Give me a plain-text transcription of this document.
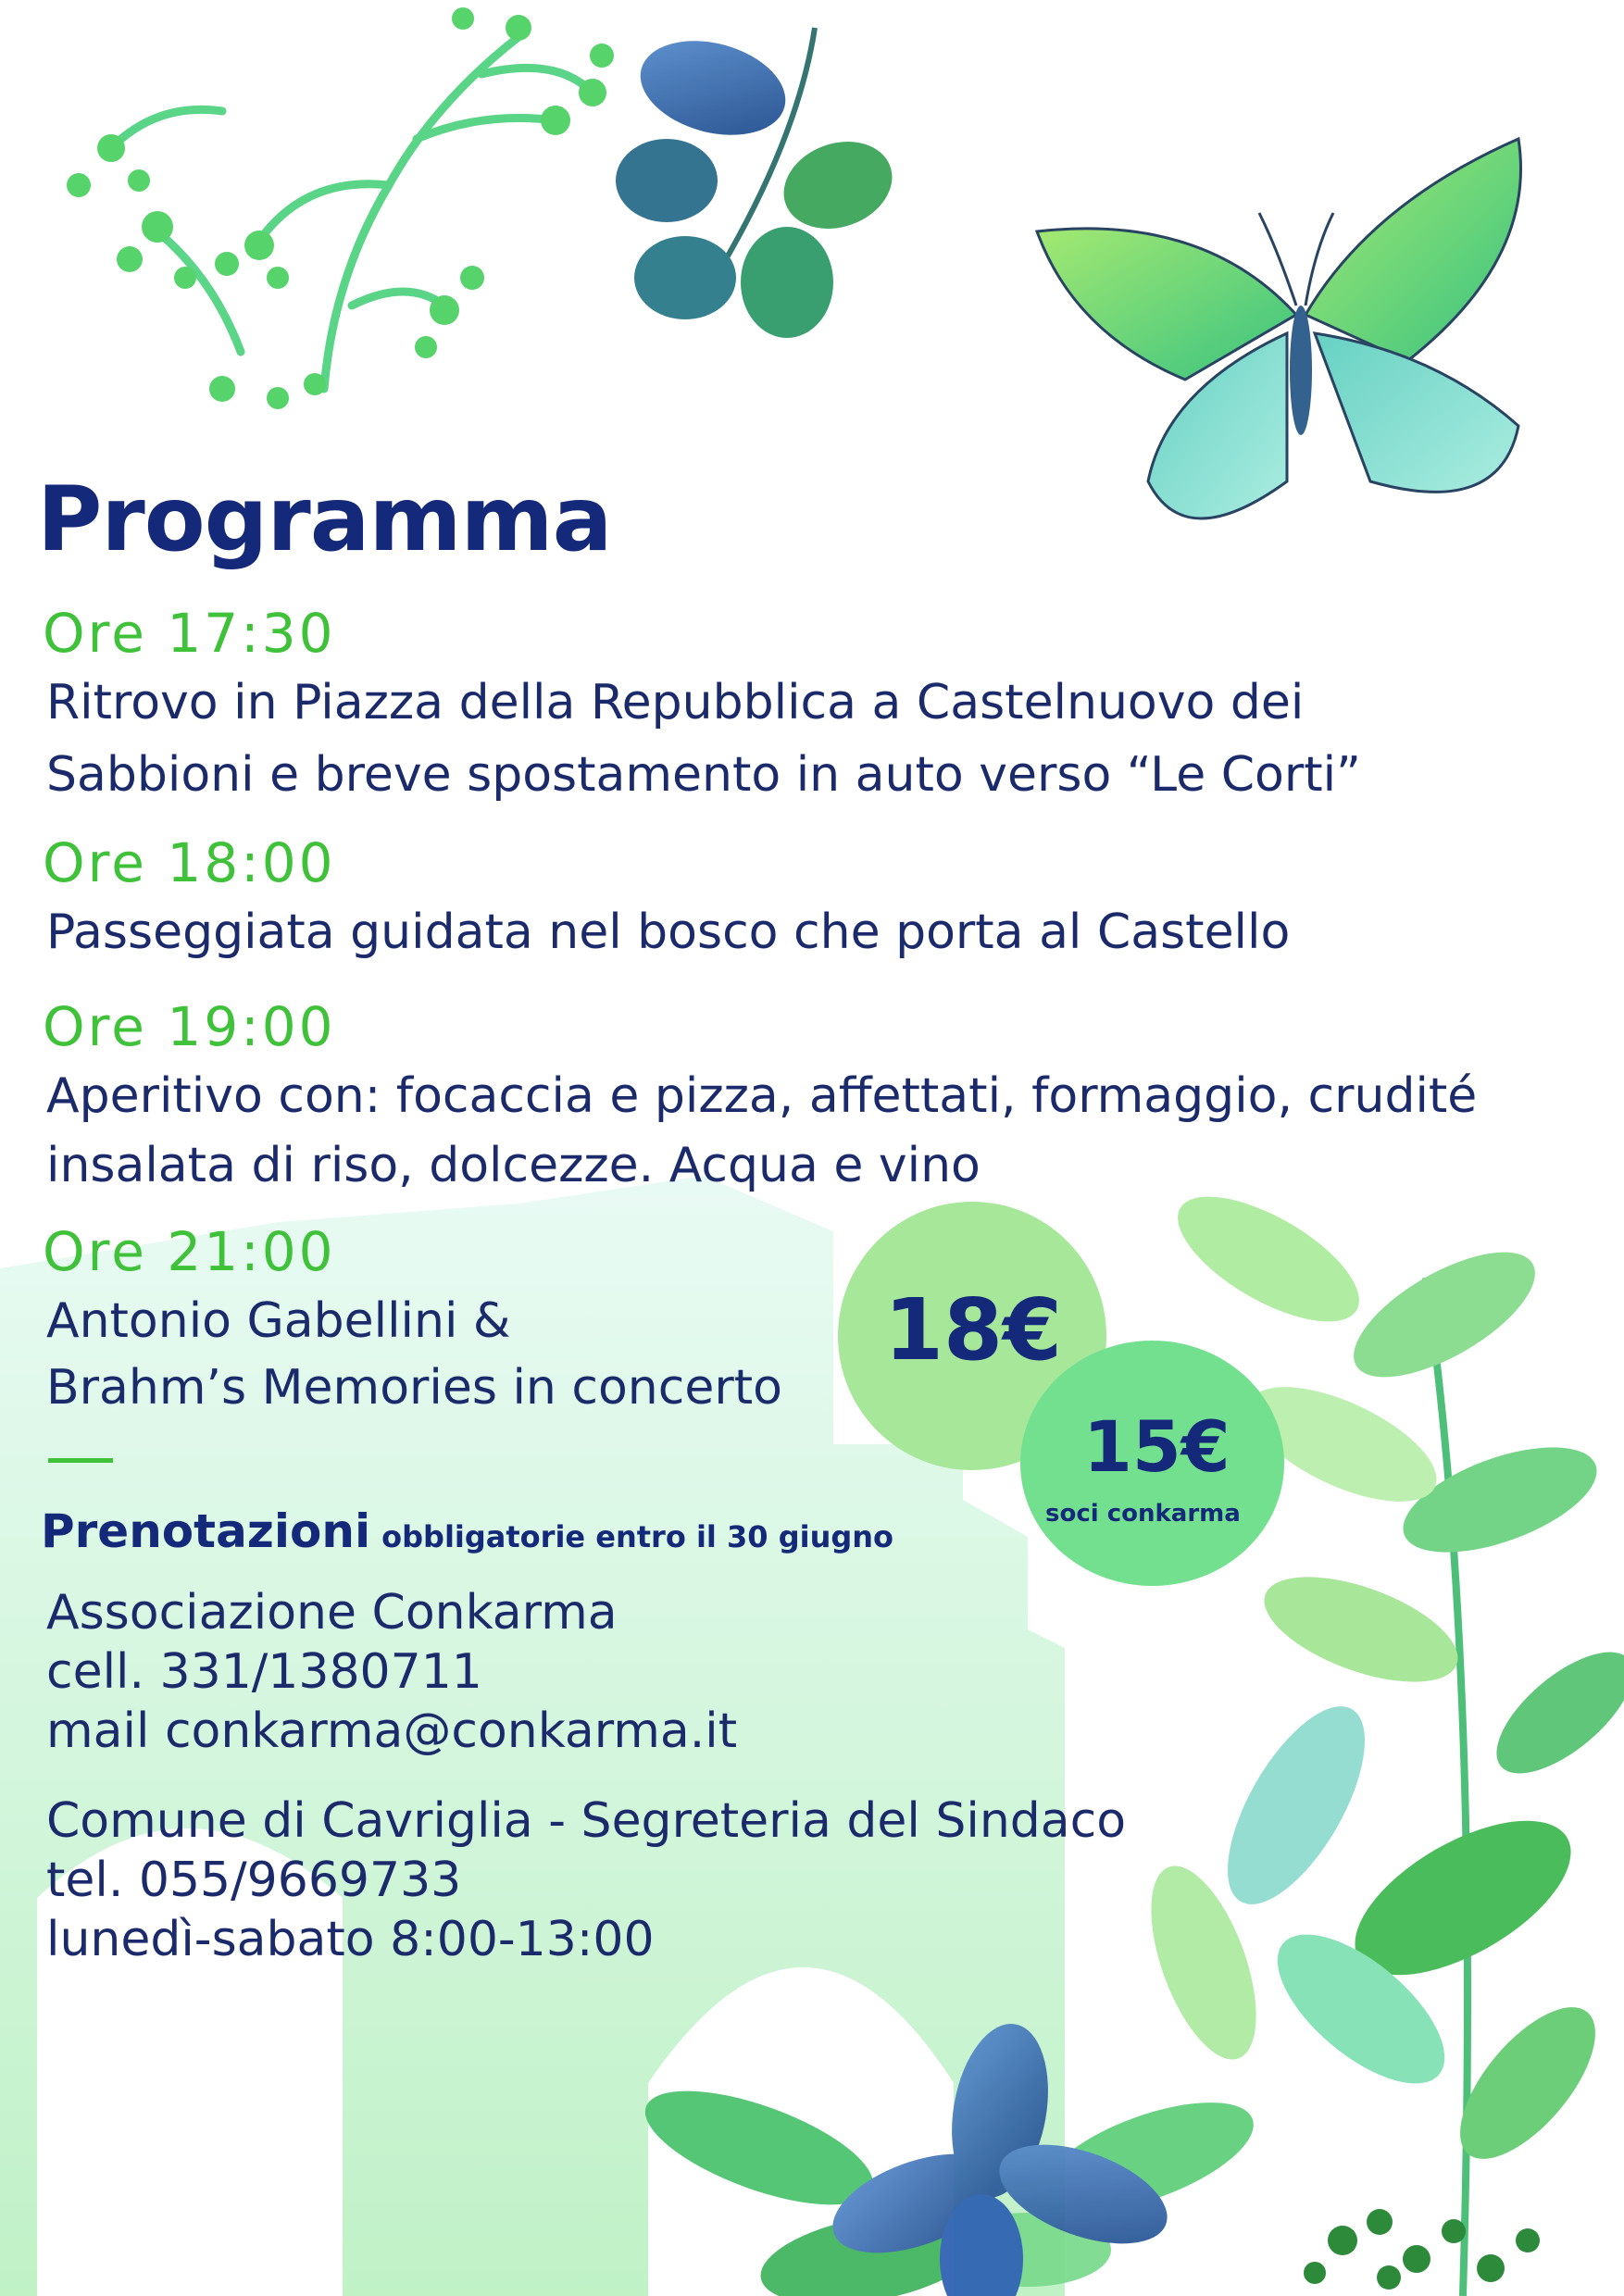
Programma
Ore 17:30
Ritrovo in Piazza della Repubblica a Castelnuovo dei
Sabbioni e breve spostamento in auto verso “Le Corti”
Ore 18:00
Passeggiata guidata nel bosco che porta al Castello
Ore 19:00
Aperitivo con: focaccia e pizza, affettati, formaggio, crudité
insalata di riso, dolcezze. Acqua e vino
Ore 21:00
Antonio Gabellini &
Brahm’s Memories in concerto
18€
15€
soci conkarma
Prenotazioni obbligatorie entro il 30 giugno
Associazione Conkarma
cell. 331/1380711
mail conkarma@conkarma.it
Comune di Cavriglia - Segreteria del Sindaco
tel. 055/9669733
lunedì-sabato 8:00-13:00
